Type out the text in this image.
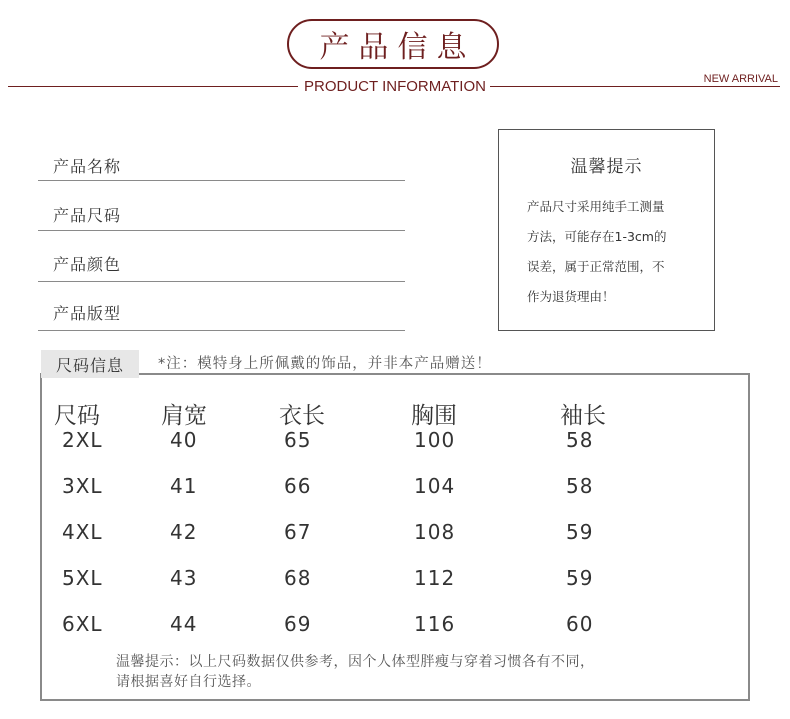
产品信息
PRODUCT INFORMATION	NEW ARRIVAL
产品名称
产品尺码
产品颜色
产品版型
温馨提示
产品尺寸采用纯手工测量
方法，可能存在1-3cm的
误差，属于正常范围，不
作为退货理由！
尺码信息	*注：模特身上所佩戴的饰品，并非本产品赠送！
尺码	肩宽	衣长	胸围	袖长
2XL	40	65	100	58
3XL	41	66	104	58
4XL	42	67	108	59
5XL	43	68	112	59
6XL	44	69	116	60
温馨提示：以上尺码数据仅供参考，因个人体型胖瘦与穿着习惯各有不同，
请根据喜好自行选择。
